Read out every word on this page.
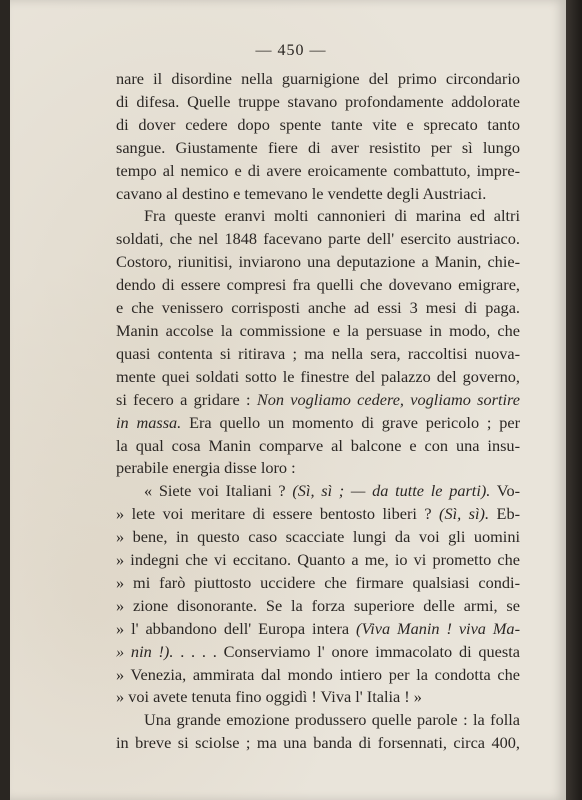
— 450 —
nare il disordine nella guarnigione del primo circondario
di difesa. Quelle truppe stavano profondamente addolorate
di dover cedere dopo spente tante vite e sprecato tanto
sangue. Giustamente fiere di aver resistito per sì lungo
tempo al nemico e di avere eroicamente combattuto, impre-
cavano al destino e temevano le vendette degli Austriaci.
Fra queste eranvi molti cannonieri di marina ed altri
soldati, che nel 1848 facevano parte dell' esercito austriaco.
Costoro, riunitisi, inviarono una deputazione a Manin, chie-
dendo di essere compresi fra quelli che dovevano emigrare,
e che venissero corrisposti anche ad essi 3 mesi di paga.
Manin accolse la commissione e la persuase in modo, che
quasi contenta si ritirava ; ma nella sera, raccoltisi nuova-
mente quei soldati sotto le finestre del palazzo del governo,
si fecero a gridare : Non vogliamo cedere, vogliamo sortire
in massa. Era quello un momento di grave pericolo ; per
la qual cosa Manin comparve al balcone e con una insu-
perabile energia disse loro :
« Siete voi Italiani ? (Sì, sì ; — da tutte le parti). Vo-
» lete voi meritare di essere bentosto liberi ? (Sì, sì). Eb-
» bene, in questo caso scacciate lungi da voi gli uomini
» indegni che vi eccitano. Quanto a me, io vi prometto che
» mi farò piuttosto uccidere che firmare qualsiasi condi-
» zione disonorante. Se la forza superiore delle armi, se
» l' abbandono dell' Europa intera (Viva Manin ! viva Ma-
» nin !). . . . . Conserviamo l' onore immacolato di questa
» Venezia, ammirata dal mondo intiero per la condotta che
» voi avete tenuta fino oggidì ! Viva l' Italia ! »
Una grande emozione produssero quelle parole : la folla
in breve si sciolse ; ma una banda di forsennati, circa 400,
